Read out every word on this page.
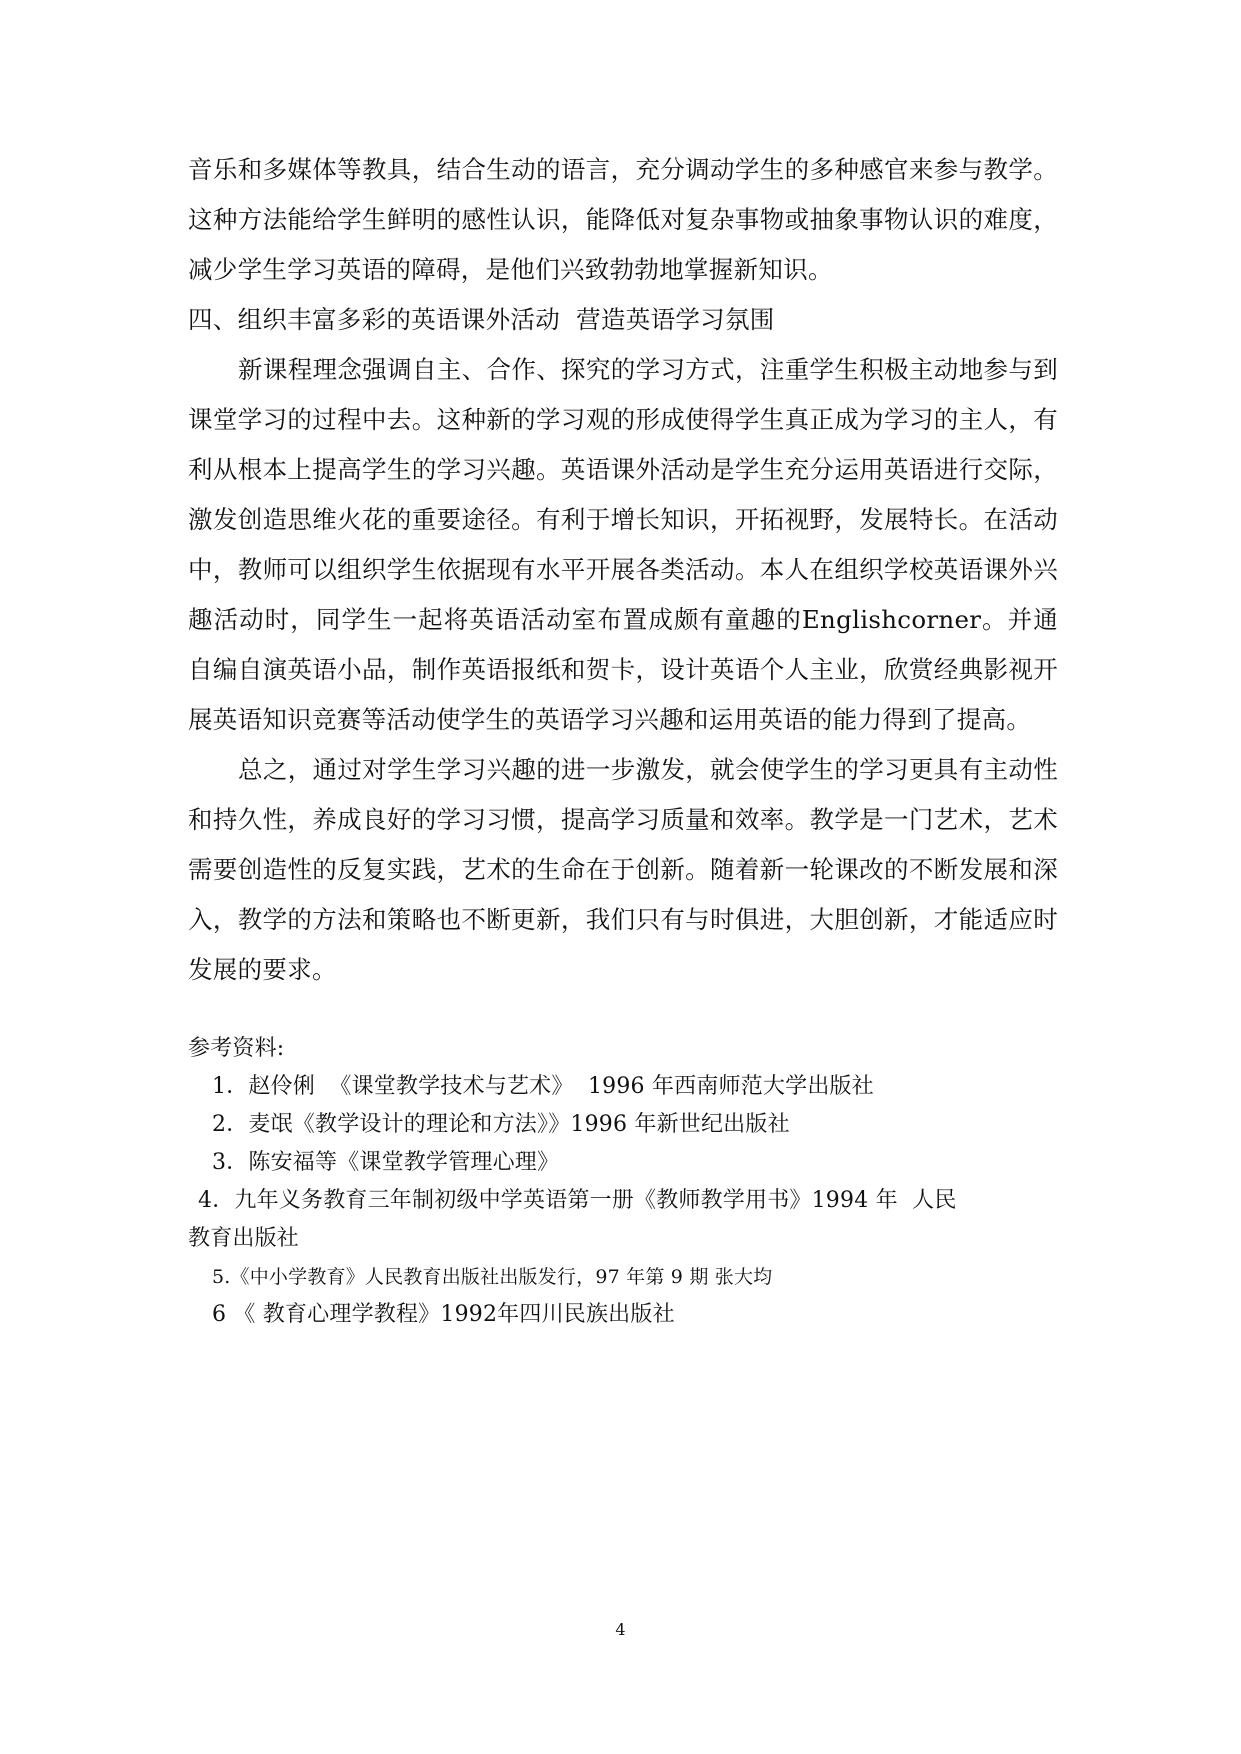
音乐和多媒体等教具，结合生动的语言，充分调动学生的多种感官来参与教学。
这种方法能给学生鲜明的感性认识，能降低对复杂事物或抽象事物认识的难度，
减少学生学习英语的障碍，是他们兴致勃勃地掌握新知识。
四、组织丰富多彩的英语课外活动  营造英语学习氛围
新课程理念强调自主、合作、探究的学习方式，注重学生积极主动地参与到
课堂学习的过程中去。这种新的学习观的形成使得学生真正成为学习的主人，有
利从根本上提高学生的学习兴趣。英语课外活动是学生充分运用英语进行交际，
激发创造思维火花的重要途径。有利于增长知识，开拓视野，发展特长。在活动
中，教师可以组织学生依据现有水平开展各类活动。本人在组织学校英语课外兴
趣活动时，同学生一起将英语活动室布置成颇有童趣的Englishcorner。并通
自编自演英语小品，制作英语报纸和贺卡，设计英语个人主业，欣赏经典影视开
展英语知识竞赛等活动使学生的英语学习兴趣和运用英语的能力得到了提高。
总之，通过对学生学习兴趣的进一步激发，就会使学生的学习更具有主动性
和持久性，养成良好的学习习惯，提高学习质量和效率。教学是一门艺术，艺术
需要创造性的反复实践，艺术的生命在于创新。随着新一轮课改的不断发展和深
入，教学的方法和策略也不断更新，我们只有与时俱进，大胆创新，才能适应时
发展的要求。
参考资料:
1．赵伶俐  《课堂教学技术与艺术》  1996 年西南师范大学出版社
2．麦氓《教学设计的理论和方法》》1996 年新世纪出版社
3．陈安福等《课堂教学管理心理》
4．九年义务教育三年制初级中学英语第一册《教师教学用书》1994 年  人民
教育出版社
5.《中小学教育》人民教育出版社出版发行，97 年第 9 期 张大均
6 《 教育心理学教程》1992年四川民族出版社
4
